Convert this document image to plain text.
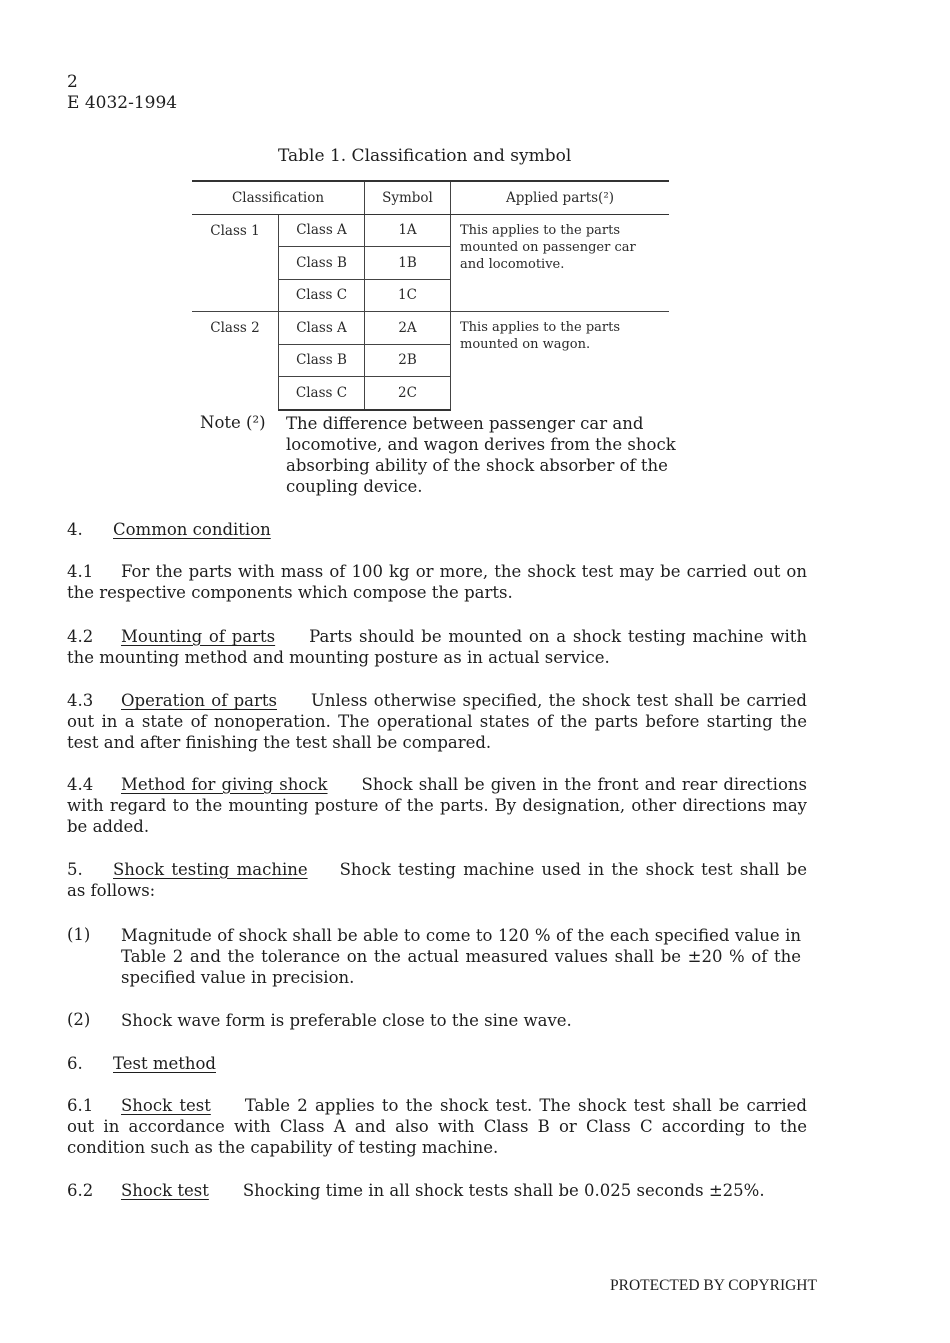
2
E 4032-1994
Table 1. Classification and symbol
Classification		Symbol	Applied parts(²)
Class 1	Class A	1A	This applies to the parts mounted on passenger car and locomotive.
	Class B	1B	
	Class C	1C	
Class 2	Class A	2A	This applies to the parts mounted on wagon.
	Class B	2B	
	Class C	2C	
Note (²) The difference between passenger car and locomotive, and wagon derives from the shock absorbing ability of the shock absorber of the coupling device.
4. Common condition
4.1 For the parts with mass of 100 kg or more, the shock test may be carried out on the respective components which compose the parts.
4.2 Mounting of parts Parts should be mounted on a shock testing machine with the mounting method and mounting posture as in actual service.
4.3 Operation of parts Unless otherwise specified, the shock test shall be carried out in a state of nonoperation. The operational states of the parts before starting the test and after finishing the test shall be compared.
4.4 Method for giving shock Shock shall be given in the front and rear directions with regard to the mounting posture of the parts. By designation, other directions may be added.
5. Shock testing machine Shock testing machine used in the shock test shall be as follows:
(1) Magnitude of shock shall be able to come to 120 % of the each specified value in Table 2 and the tolerance on the actual measured values shall be ±20 % of the specified value in precision.
(2) Shock wave form is preferable close to the sine wave.
6. Test method
6.1 Shock test Table 2 applies to the shock test. The shock test shall be carried out in accordance with Class A and also with Class B or Class C according to the condition such as the capability of testing machine.
6.2 Shock test Shocking time in all shock tests shall be 0.025 seconds ±25%.
PROTECTED BY COPYRIGHT
